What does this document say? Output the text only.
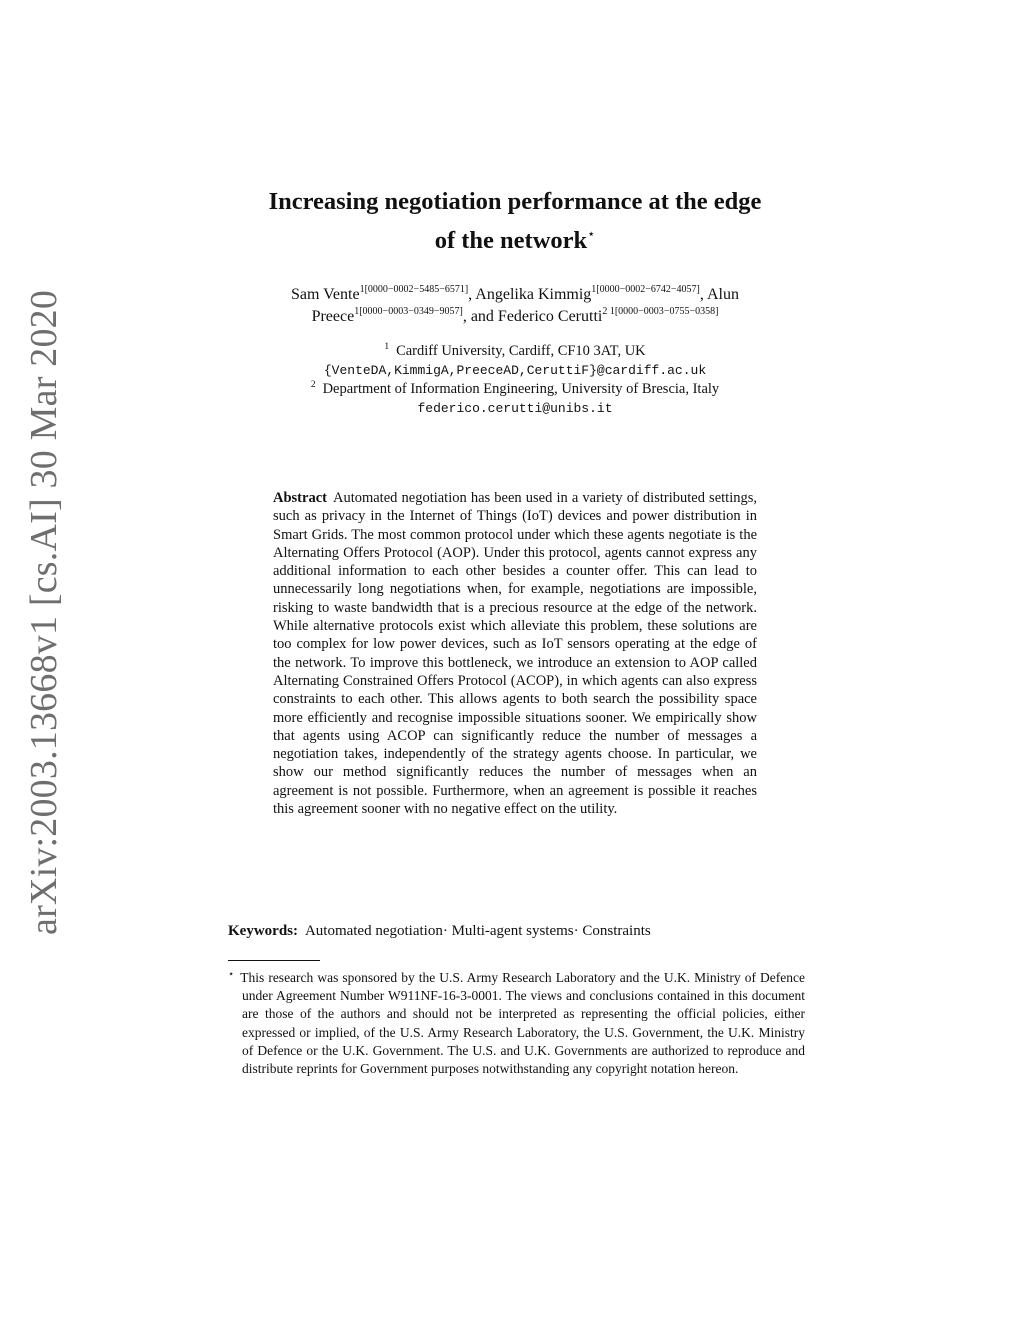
arXiv:2003.13668v1 [cs.AI] 30 Mar 2020
Increasing negotiation performance at the edge
of the network⋆
Sam Vente$^{1[0000-0002-5485-6571]}$, Angelika Kimmig$^{1[0000-0002-6742-4057]}$, Alun
Preece$^{1[0000-0003-0349-9057]}$, and Federico Cerutti$^{2 1[0000-0003-0755-0358]}$
$^1$ Cardiff University, Cardiff, CF10 3AT, UK
{VenteDA,KimmigA,PreeceAD,CeruttiF}@cardiff.ac.uk
$^2$ Department of Information Engineering, University of Brescia, Italy
federico.cerutti@unibs.it
Abstract Automated negotiation has been used in a variety of distributed settings, such as privacy in the Internet of Things (IoT) devices and power distribution in Smart Grids. The most common protocol under which these agents negotiate is the Alternating Offers Protocol (AOP). Under this protocol, agents cannot express any additional information to each other besides a counter offer. This can lead to unnecessarily long negotiations when, for example, negotiations are impossible, risking to waste bandwidth that is a precious resource at the edge of the network. While alternative protocols exist which alleviate this problem, these solutions are too complex for low power devices, such as IoT sensors operating at the edge of the network. To improve this bottleneck, we introduce an extension to AOP called Alternating Constrained Offers Protocol (ACOP), in which agents can also express constraints to each other. This allows agents to both search the possibility space more efficiently and recognise impossible situations sooner. We empirically show that agents using ACOP can significantly reduce the number of messages a negotiation takes, independently of the strategy agents choose. In particular, we show our method significantly reduces the number of messages when an agreement is not possible. Furthermore, when an agreement is possible it reaches this agreement sooner with no negative effect on the utility.
Keywords: Automated negotiation· Multi-agent systems· Constraints
⋆ This research was sponsored by the U.S. Army Research Laboratory and the U.K. Ministry of Defence under Agreement Number W911NF-16-3-0001. The views and conclusions contained in this document are those of the authors and should not be interpreted as representing the official policies, either expressed or implied, of the U.S. Army Research Laboratory, the U.S. Government, the U.K. Ministry of Defence or the U.K. Government. The U.S. and U.K. Governments are authorized to reproduce and distribute reprints for Government purposes notwithstanding any copyright notation hereon.
